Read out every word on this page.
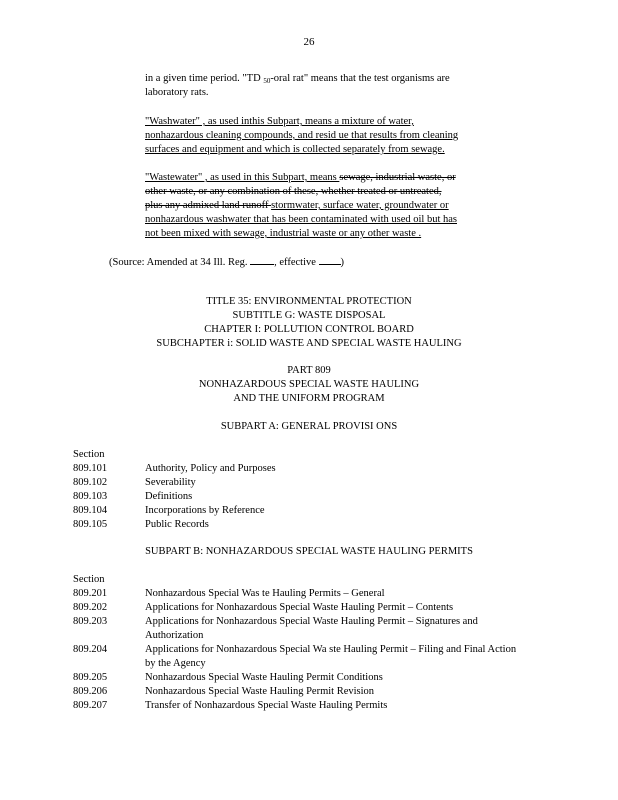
26
in a given time period. "TD $_{50}$-oral rat" means that the test organisms are
laboratory rats.
"Washwater" , as used inthis Subpart, means a mixture of water,
nonhazardous cleaning compounds, and resid ue that results from cleaning
surfaces and equipment and which is collected separately from sewage.
"Wastewater" , as used in this Subpart, means sewage, industrial waste, or
other waste, or any combination of these, whether treated or untreated,
plus any admixed land runoff stormwater, surface water, groundwater or
nonhazardous washwater that has been contaminated with used oil but has
not been mixed with sewage, industrial waste or any other waste .
(Source: Amended at 34 Ill. Reg.	, effective )
TITLE 35: ENVIRONMENTAL PROTECTION
SUBTITLE G: WASTE DISPOSAL
CHAPTER I: POLLUTION CONTROL BOARD
SUBCHAPTER i: SOLID WASTE AND SPECIAL WASTE HAULING
PART 809
NONHAZARDOUS SPECIAL WASTE HAULING
AND THE UNIFORM PROGRAM
SUBPART A: GENERAL PROVISI ONS
Section
809.101	Authority, Policy and Purposes
809.102	Severability
809.103	Definitions
809.104	Incorporations by Reference
809.105	Public Records
SUBPART B: NONHAZARDOUS SPECIAL WASTE HAULING PERMITS
Section
809.201	Nonhazardous Special Was te Hauling Permits – General
809.202	Applications for Nonhazardous Special Waste Hauling Permit – Contents
809.203	Applications for Nonhazardous Special Waste Hauling Permit – Signatures and Authorization
809.204	Applications for Nonhazardous Special Wa ste Hauling Permit – Filing and Final Action by the Agency
809.205	Nonhazardous Special Waste Hauling Permit Conditions
809.206	Nonhazardous Special Waste Hauling Permit Revision
809.207	Transfer of Nonhazardous Special Waste Hauling Permits
